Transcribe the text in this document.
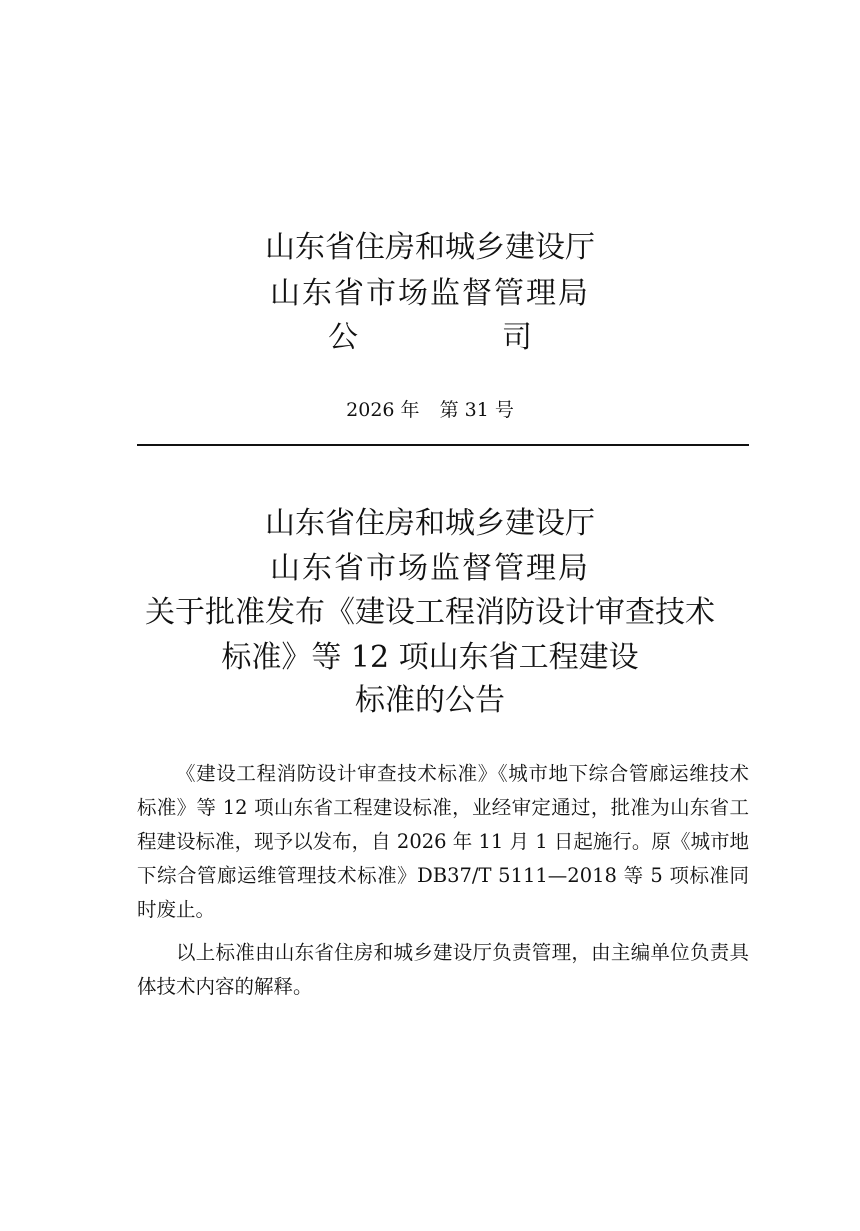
山东省住房和城乡建设厅
山东省市场监督管理局
公　　司
2026 年 第 31 号
山东省住房和城乡建设厅
山东省市场监督管理局
关于批准发布《建设工程消防设计审查技术
标准》等 12 项山东省工程建设
标准的公告

《建设工程消防设计审查技术标准》《城市地下综合管廊运维技术标准》等 12 项山东省工程建设标准，业经审定通过，批准为山东省工程建设标准，现予以发布，自 2026 年 11 月 1 日起施行。原《城市地下综合管廊运维管理技术标准》DB37/T 5111—2018 等 5 项标准同时废止。

以上标准由山东省住房和城乡建设厅负责管理，由主编单位负责具体技术内容的解释。
